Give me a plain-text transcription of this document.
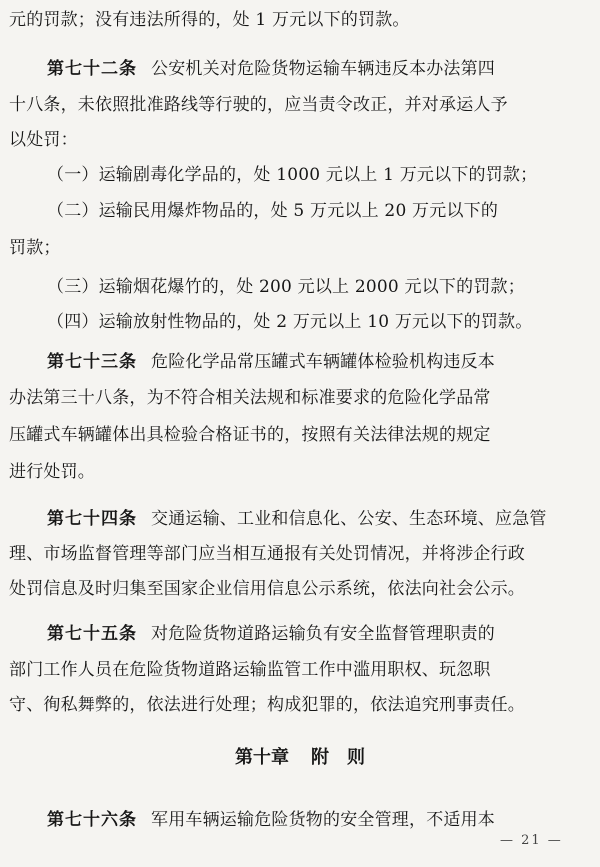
元的罚款；没有违法所得的，处 1 万元以下的罚款。
第七十二条 公安机关对危险货物运输车辆违反本办法第四
十八条，未依照批准路线等行驶的，应当责令改正，并对承运人予
以处罚：
（一）运输剧毒化学品的，处 1000 元以上 1 万元以下的罚款；
（二）运输民用爆炸物品的，处 5 万元以上 20 万元以下的
罚款；
（三）运输烟花爆竹的，处 200 元以上 2000 元以下的罚款；
（四）运输放射性物品的，处 2 万元以上 10 万元以下的罚款。
第七十三条 危险化学品常压罐式车辆罐体检验机构违反本
办法第三十八条，为不符合相关法规和标准要求的危险化学品常
压罐式车辆罐体出具检验合格证书的，按照有关法律法规的规定
进行处罚。
第七十四条 交通运输、工业和信息化、公安、生态环境、应急管
理、市场监督管理等部门应当相互通报有关处罚情况，并将涉企行政
处罚信息及时归集至国家企业信用信息公示系统，依法向社会公示。
第七十五条 对危险货物道路运输负有安全监督管理职责的
部门工作人员在危险货物道路运输监管工作中滥用职权、玩忽职
守、徇私舞弊的，依法进行处理；构成犯罪的，依法追究刑事责任。
第十章 附　则
第七十六条 军用车辆运输危险货物的安全管理，不适用本
— 21 —
